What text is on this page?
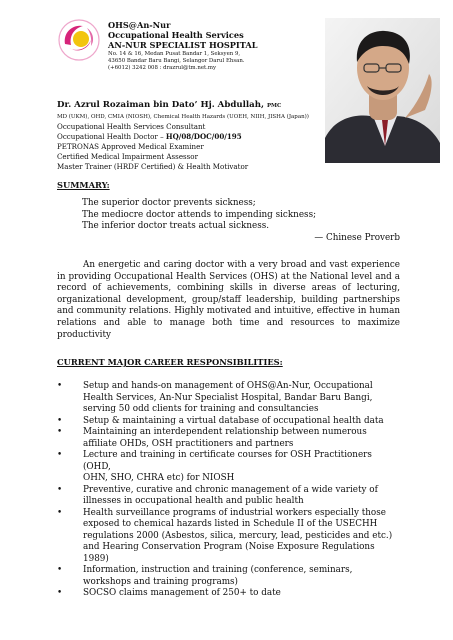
OHS@An-Nur
Occupational Health Services
AN-NUR SPECIALIST HOSPITAL
No. 14 & 16, Medan Pusat Bandar 1, Seksyen 9,
43650 Bandar Baru Bangi, Selangor Darul Ehsan.
(+6012) 3242 008 : drazrul@tm.net.my
Dr. Azrul Rozaiman bin Dato’ Hj. Abdullah, PMC
MD (UKM), OHD, CMIA (NIOSH), Chemical Health Hazards (UOEH, NIIH, JISHA (Japan))
Occupational Health Services Consultant
Occupational Health Doctor – HQ/08/DOC/00/195
PETRONAS Approved Medical Examiner
Certified Medical Impairment Assessor
Master Trainer (HRDF Certified) & Health Motivator
SUMMARY:
The superior doctor prevents sickness;
The mediocre doctor attends to impending sickness;
The inferior doctor treats actual sickness.
— Chinese Proverb

An energetic and caring doctor with a very broad and vast experience in providing Occupational Health Services (OHS) at the National level and a record of achievements, combining skills in diverse areas of lecturing, organizational development, group/staff leadership, building partnerships and community relations. Highly motivated and intuitive, effective in human relations and able to manage both time and resources to maximize productivity

CURRENT MAJOR CAREER RESPONSIBILITIES:
• Setup and hands-on management of OHS@An-Nur, Occupational
Health Services, An-Nur Specialist Hospital, Bandar Baru Bangi,
serving 50 odd clients for training and consultancies
• Setup & maintaining a virtual database of occupational health data
• Maintaining an interdependent relationship between numerous
affiliate OHDs, OSH practitioners and partners
• Lecture and training in certificate courses for OSH Practitioners (OHD,
OHN, SHO, CHRA etc) for NIOSH
• Preventive, curative and chronic management of a wide variety of
illnesses in occupational health and public health
• Health surveillance programs of industrial workers especially those
exposed to chemical hazards listed in Schedule II of the USECHH
regulations 2000 (Asbestos, silica, mercury, lead, pesticides and etc.)
and Hearing Conservation Program (Noise Exposure Regulations 1989)
• Information, instruction and training (conference, seminars,
workshops and training programs)
• SOCSO claims management of 250+ to date
